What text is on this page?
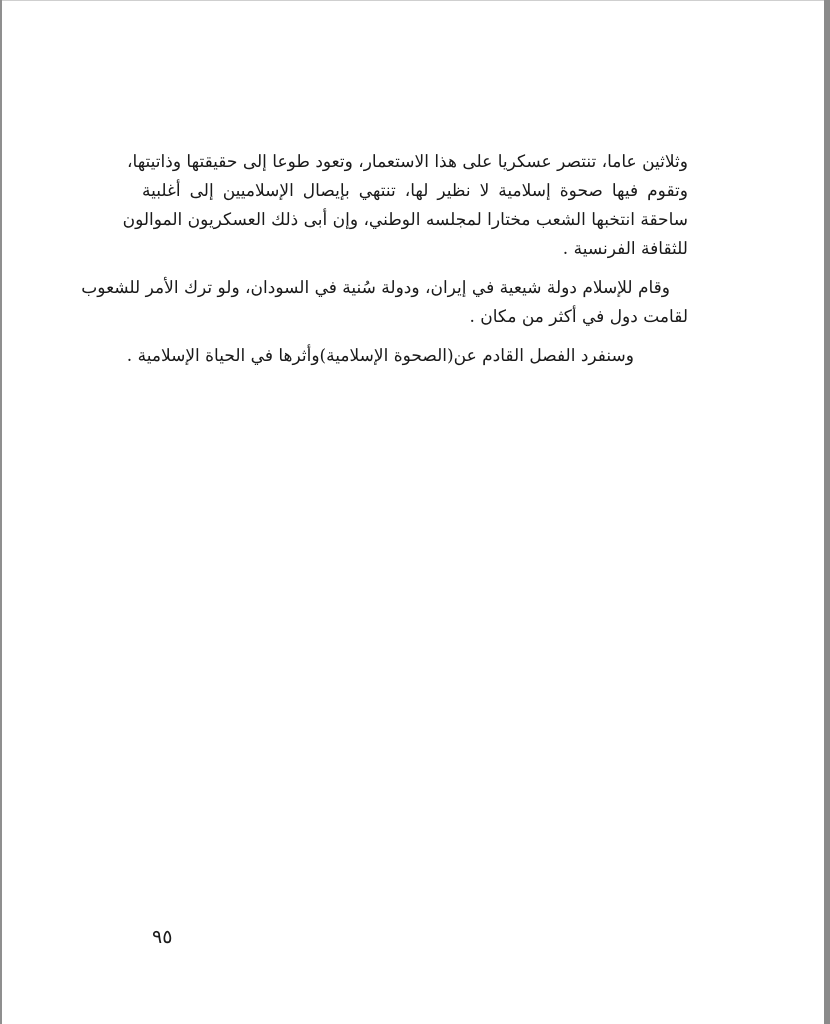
وثلاثين عاما، تنتصر عسكريا على هذا الاستعمار، وتعود طوعا إلى حقيقتها وذاتيتها،
وتقوم فيها صحوة إسلامية لا نظير لها، تنتهي بإيصال الإسلاميين إلى أغلبية
ساحقة انتخبها الشعب مختارا لمجلسه الوطني، وإن أبى ذلك العسكريون الموالون
للثقافة الفرنسية .

وقام للإسلام دولة شيعية في إيران، ودولة سُنية في السودان، ولو ترك الأمر للشعوب
لقامت دول في أكثر من مكان .

وسنفرد الفصل القادم عن(الصحوة الإسلامية)وأثرها في الحياة الإسلامية .

٩٥
